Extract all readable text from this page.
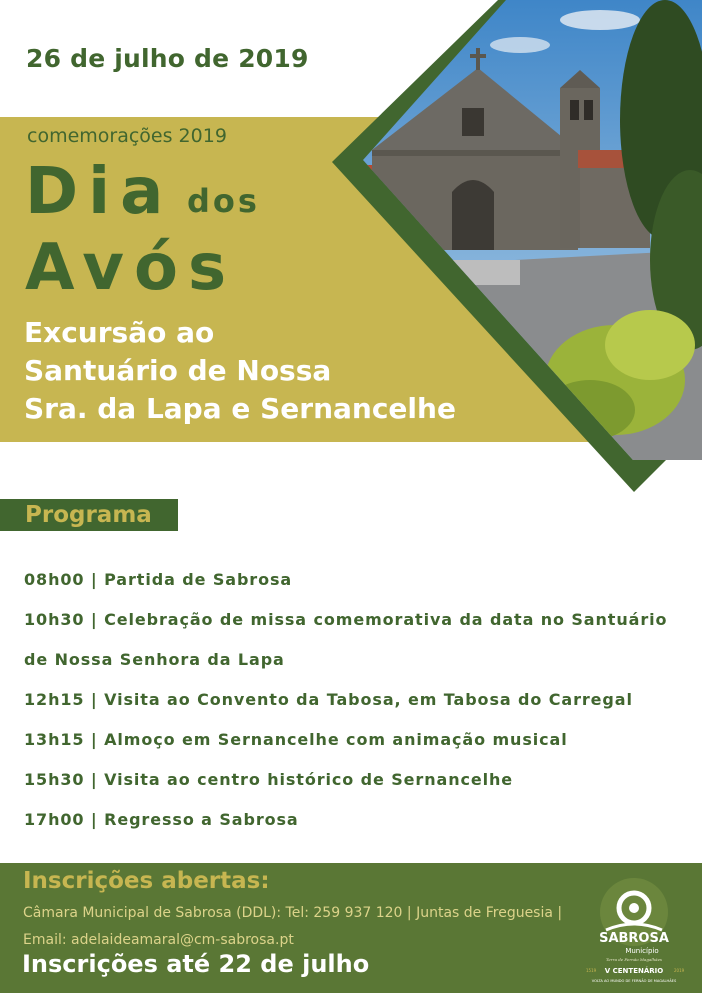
26 de julho de 2019
comemorações 2019
Dia dos
Avós
Excursão ao
Santuário de Nossa
Sra. da Lapa e Sernancelhe
Programa
08h00 | Partida de Sabrosa
10h30 | Celebração de missa comemorativa da data no Santuário
de Nossa Senhora da Lapa
12h15 | Visita ao Convento da Tabosa, em Tabosa do Carregal
13h15 | Almoço em Sernancelhe com animação musical
15h30 | Visita ao centro histórico de Sernancelhe
17h00 | Regresso a Sabrosa
Inscrições abertas:
Câmara Municipal de Sabrosa (DDL): Tel: 259 937 120 | Juntas de Freguesia |
Email: adelaideamaral@cm-sabrosa.pt
Inscrições até 22 de julho
SABROSA
Município
Terra de Fernão Magalhães
1519 V CENTENÁRIO	2019
VOLTA AO MUNDO DE FERNÃO DE MAGALHÃES
